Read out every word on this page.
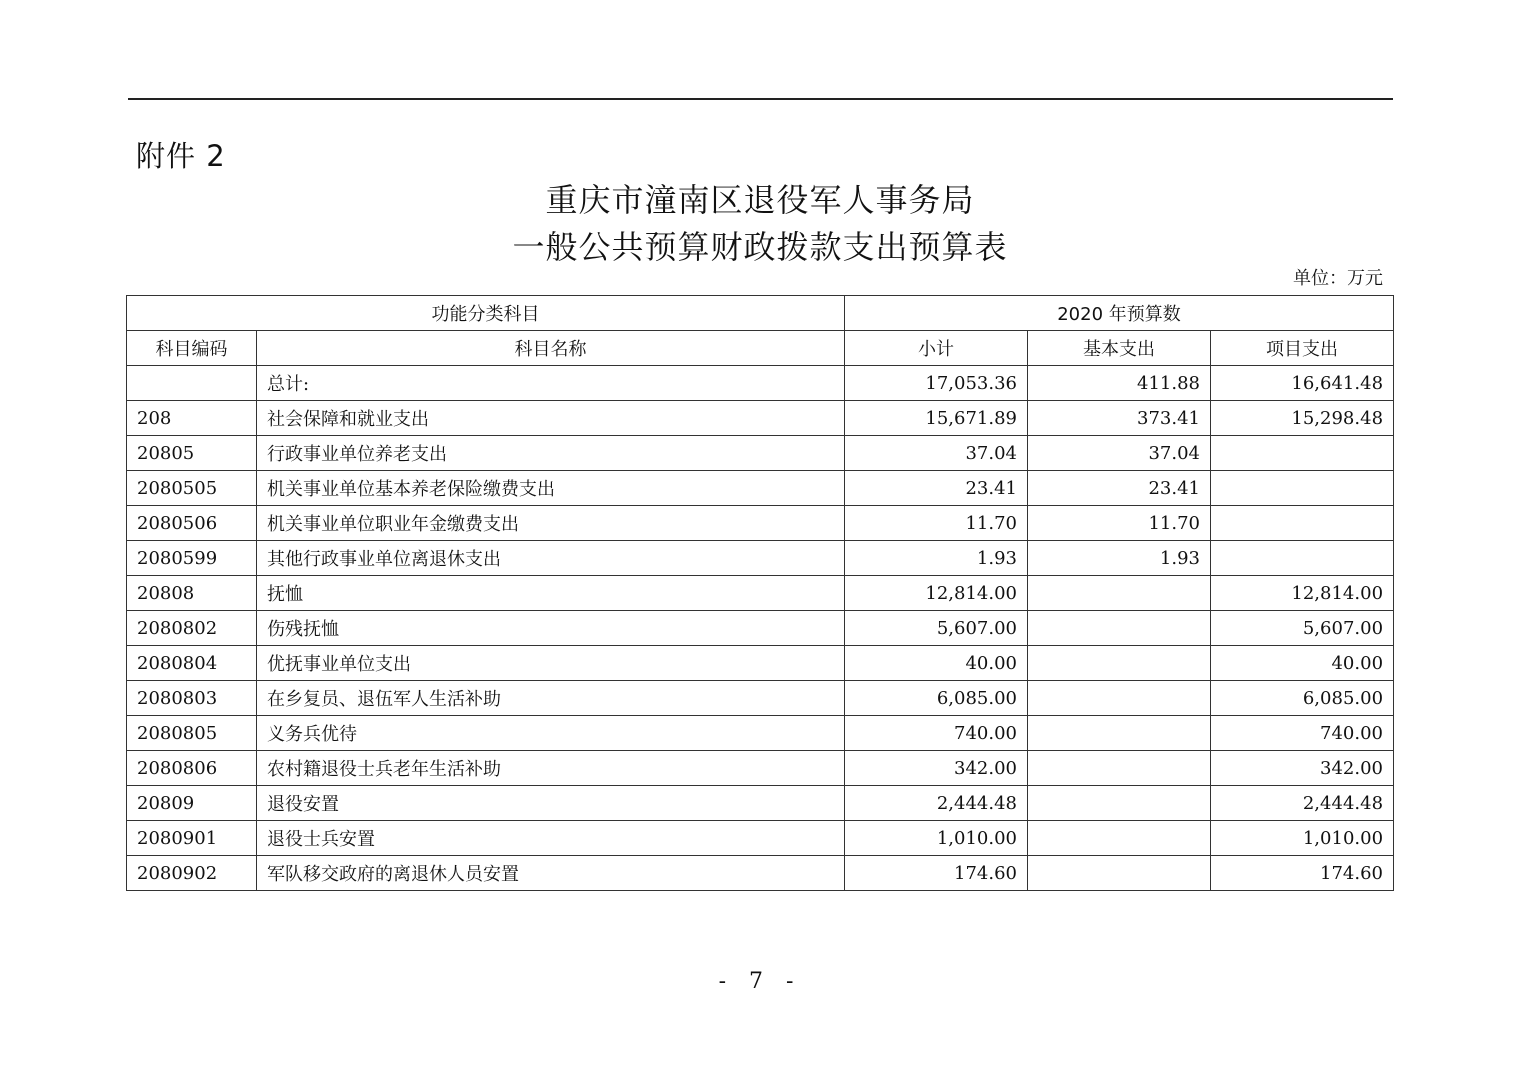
附件 2
重庆市潼南区退役军人事务局
一般公共预算财政拨款支出预算表
单位：万元
功能分类科目		2020 年预算数		
科目编码	科目名称	小计	基本支出	项目支出
	总计:	17,053.36	411.88	16,641.48
208	社会保障和就业支出	15,671.89	373.41	15,298.48
20805	行政事业单位养老支出	37.04	37.04	
2080505	机关事业单位基本养老保险缴费支出	23.41	23.41	
2080506	机关事业单位职业年金缴费支出	11.70	11.70	
2080599	其他行政事业单位离退休支出	1.93	1.93	
20808	抚恤	12,814.00		12,814.00
2080802	伤残抚恤	5,607.00		5,607.00
2080804	优抚事业单位支出	40.00		40.00
2080803	在乡复员、退伍军人生活补助	6,085.00		6,085.00
2080805	义务兵优待	740.00		740.00
2080806	农村籍退役士兵老年生活补助	342.00		342.00
20809	退役安置	2,444.48		2,444.48
2080901	退役士兵安置	1,010.00		1,010.00
2080902	军队移交政府的离退休人员安置	174.60		174.60
- 7 -
